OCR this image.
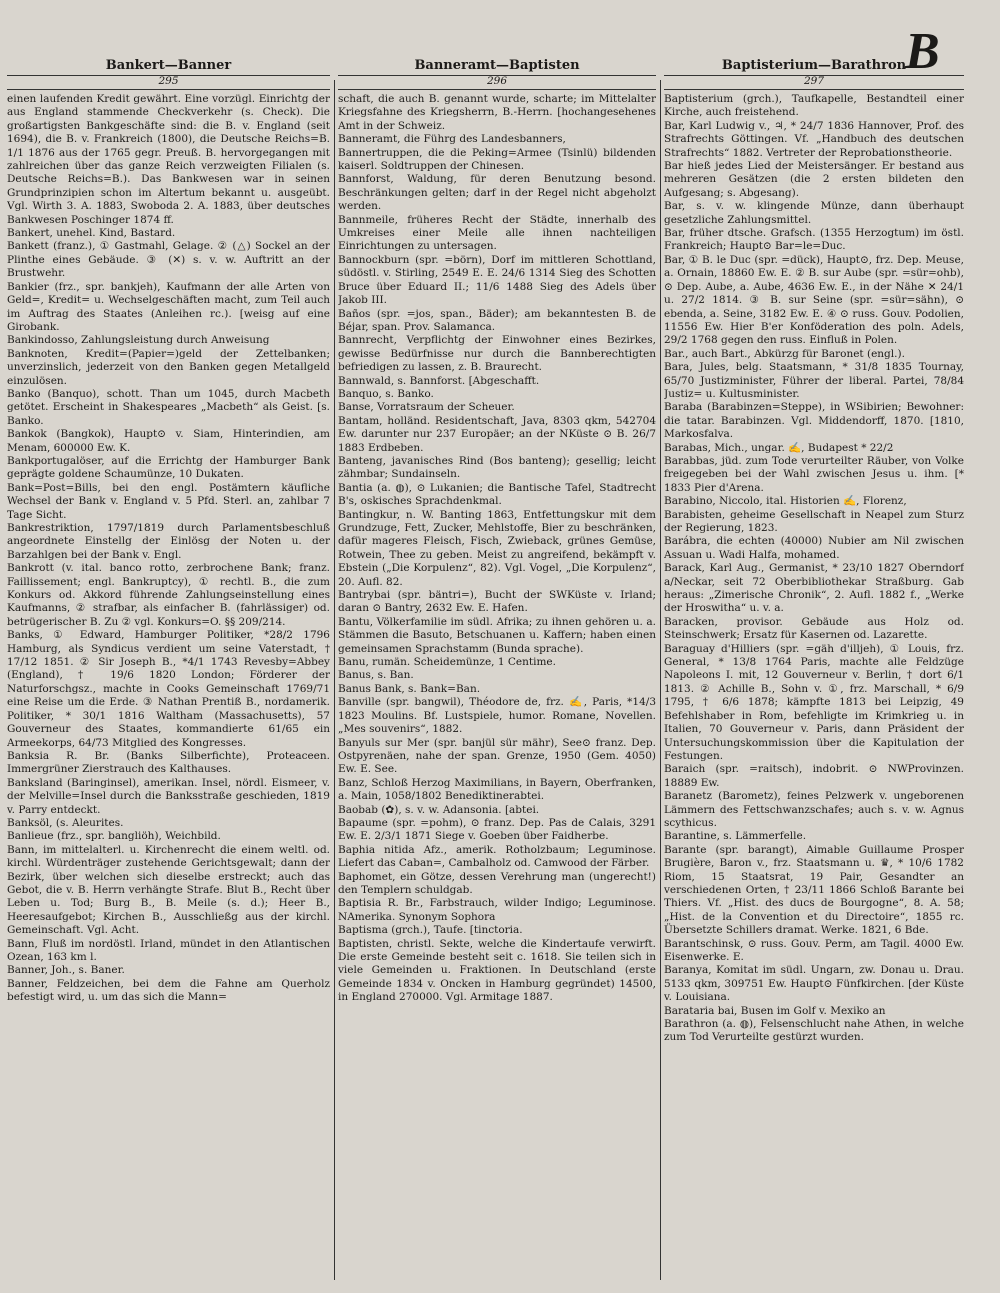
B
Bankert—Banner
295

einen laufenden Kredit gewährt. Eine vorzügl. Einrichtg der aus England stammende Checkverkehr (s. Check). Die großartigsten Bankgeschäfte sind: die B. v. England (seit 1694), die B. v. Frankreich (1800), die Deutsche Reichs=B. 1/1 1876 aus der 1765 gegr. Preuß. B. hervorgegangen mit zahlreichen über das ganze Reich verzweigten Filialen (s. Deutsche Reichs=B.). Das Bankwesen war in seinen Grundprinzipien schon im Altertum bekannt u. ausgeübt. Vgl. Wirth 3. A. 1883, Swoboda 2. A. 1883, über deutsches Bankwesen Poschinger 1874 ff.

Bankert, unehel. Kind, Bastard.

Bankett (franz.), ① Gastmahl, Gelage. ② (△) Sockel an der Plinthe eines Gebäude. ③ (✕) s. v. w. Auftritt an der Brustwehr.

Bankier (frz., spr. bankjeh), Kaufmann der alle Arten von Geld=, Kredit= u. Wechselgeschäften macht, zum Teil auch im Auftrag des Staates (Anleihen rc.). [weisg auf eine Girobank.

Bankindosso, Zahlungsleistung durch Anweisung

Banknoten, Kredit=(Papier=)geld der Zettelbanken; unverzinslich, jederzeit von den Banken gegen Metallgeld einzulösen.

Banko (Banquo), schott. Than um 1045, durch Macbeth getötet. Erscheint in Shakespeares „Macbeth“ als Geist. [s. Banko.

Bankok (Bangkok), Haupt⊙ v. Siam, Hinterindien, am Menam, 600000 Ew. K.

Bankportugalöser, auf die Errichtg der Hamburger Bank geprägte goldene Schaumünze, 10 Dukaten.

Bank=Post=Bills, bei den engl. Postämtern käufliche Wechsel der Bank v. England v. 5 Pfd. Sterl. an, zahlbar 7 Tage Sicht.

Bankrestriktion, 1797/1819 durch Parlamentsbeschluß angeordnete Einstellg der Einlösg der Noten u. der Barzahlgen bei der Bank v. Engl.

Bankrott (v. ital. banco rotto, zerbrochene Bank; franz. Faillissement; engl. Bankruptcy), ① rechtl. B., die zum Konkurs od. Akkord führende Zahlungseinstellung eines Kaufmanns, ② strafbar, als einfacher B. (fahrlässiger) od. betrügerischer B. Zu ② vgl. Konkurs=O. §§ 209/214.

Banks, ① Edward, Hamburger Politiker, *28/2 1796 Hamburg, als Syndicus verdient um seine Vaterstadt, † 17/12 1851. ② Sir Joseph B., *4/1 1743 Revesby=Abbey (England), † 19/6 1820 London; Förderer der Naturforschgsz., machte in Cooks Gemeinschaft 1769/71 eine Reise um die Erde. ③ Nathan Prentiß B., nordamerik. Politiker, * 30/1 1816 Waltham (Massachusetts), 57 Gouverneur des Staates, kommandierte 61/65 ein Armeekorps, 64/73 Mitglied des Kongresses.

Banksia R. Br. (Banks Silberfichte), Proteaceen. Immergrüner Zierstrauch des Kalthauses.

Banksland (Baringinsel), amerikan. Insel, nördl. Eismeer, v. der Melville=Insel durch die Banksstraße geschieden, 1819 v. Parry entdeckt.

Banksöl, (s. Aleurites.

Banlieue (frz., spr. bangliöh), Weichbild.

Bann, im mittelalterl. u. Kirchenrecht die einem weltl. od. kirchl. Würdenträger zustehende Gerichtsgewalt; dann der Bezirk, über welchen sich dieselbe erstreckt; auch das Gebot, die v. B. Herrn verhängte Strafe. Blut B., Recht über Leben u. Tod; Burg B., B. Meile (s. d.); Heer B., Heeresaufgebot; Kirchen B., Ausschließg aus der kirchl. Gemeinschaft. Vgl. Acht.

Bann, Fluß im nordöstl. Irland, mündet in den Atlantischen Ozean, 163 km l.

Banner, Joh., s. Baner.

Banner, Feldzeichen, bei dem die Fahne am Querholz befestigt wird, u. um das sich die Mann=

Banneramt—Baptisten
296

schaft, die auch B. genannt wurde, scharte; im Mittelalter Kriegsfahne des Kriegsherrn, B.-Herrn. [hochangesehenes Amt in der Schweiz.

Banneramt, die Führg des Landesbanners,

Bannertruppen, die die Peking=Armee (Tsinlü) bildenden kaiserl. Soldtruppen der Chinesen.

Bannforst, Waldung, für deren Benutzung besond. Beschränkungen gelten; darf in der Regel nicht abgeholzt werden.

Bannmeile, früheres Recht der Städte, innerhalb des Umkreises einer Meile alle ihnen nachteiligen Einrichtungen zu untersagen.

Bannockburn (spr. =börn), Dorf im mittleren Schottland, südöstl. v. Stirling, 2549 E. E. 24/6 1314 Sieg des Schotten Bruce über Eduard II.; 11/6 1488 Sieg des Adels über Jakob III.

Baños (spr. =jos, span., Bäder); am bekanntesten B. de Béjar, span. Prov. Salamanca.

Bannrecht, Verpflichtg der Einwohner eines Bezirkes, gewisse Bedürfnisse nur durch die Bannberechtigten befriedigen zu lassen, z. B. Braurecht.

Bannwald, s. Bannforst. [Abgeschafft.

Banquo, s. Banko.

Banse, Vorratsraum der Scheuer.

Bantam, holländ. Residentschaft, Java, 8303 qkm, 542704 Ew. darunter nur 237 Europäer; an der NKüste ⊙ B. 26/7 1883 Erdbeben.

Banteng, javanisches Rind (Bos banteng); gesellig; leicht zähmbar; Sundainseln.

Bantia (a. ◍), ⊙ Lukanien; die Bantische Tafel, Stadtrecht B's, oskisches Sprachdenkmal.

Bantingkur, n. W. Banting 1863, Entfettungskur mit dem Grundzuge, Fett, Zucker, Mehlstoffe, Bier zu beschränken, dafür mageres Fleisch, Fisch, Zwieback, grünes Gemüse, Rotwein, Thee zu geben. Meist zu angreifend, bekämpft v. Ebstein („Die Korpulenz“, 82). Vgl. Vogel, „Die Korpulenz“, 20. Aufl. 82.

Bantrybai (spr. bäntri=), Bucht der SWKüste v. Irland; daran ⊙ Bantry, 2632 Ew. E. Hafen.

Bantu, Völkerfamilie im südl. Afrika; zu ihnen gehören u. a. Stämmen die Basuto, Betschuanen u. Kaffern; haben einen gemeinsamen Sprachstamm (Bunda sprache).

Banu, rumän. Scheidemünze, 1 Centime.

Banus, s. Ban.

Banus Bank, s. Bank=Ban.

Banville (spr. bangwil), Théodore de, frz. ✍, Paris, *14/3 1823 Moulins. Bf. Lustspiele, humor. Romane, Novellen. „Mes souvenirs“, 1882.

Banyuls sur Mer (spr. banjül sür mähr), See⊙ franz. Dep. Ostpyrenäen, nahe der span. Grenze, 1950 (Gem. 4050) Ew. E. See.

Banz, Schloß Herzog Maximilians, in Bayern, Oberfranken, a. Main, 1058/1802 Benediktinerabtei.

Baobab (✿), s. v. w. Adansonia. [abtei.

Bapaume (spr. =pohm), ⊙ franz. Dep. Pas de Calais, 3291 Ew. E. 2/3/1 1871 Siege v. Goeben über Faidherbe.

Baphia nitida Afz., amerik. Rotholzbaum; Leguminose. Liefert das Caban=, Cambalholz od. Camwood der Färber.

Baphomet, ein Götze, dessen Verehrung man (ungerecht!) den Templern schuldgab.

Baptisia R. Br., Farbstrauch, wilder Indigo; Leguminose. NAmerika. Synonym Sophora

Baptisma (grch.), Taufe. [tinctoria.

Baptisten, christl. Sekte, welche die Kindertaufe verwirft. Die erste Gemeinde besteht seit c. 1618. Sie teilen sich in viele Gemeinden u. Fraktionen. In Deutschland (erste Gemeinde 1834 v. Oncken in Hamburg gegründet) 14500, in England 270000. Vgl. Armitage 1887.

Baptisterium—Barathron
297

Baptisterium (grch.), Taufkapelle, Bestandteil einer Kirche, auch freistehend.

Bar, Karl Ludwig v., ♃, * 24/7 1836 Hannover, Prof. des Strafrechts Göttingen. Vf. „Handbuch des deutschen Strafrechts“ 1882. Vertreter der Reprobationstheorie.

Bar hieß jedes Lied der Meistersänger. Er bestand aus mehreren Gesätzen (die 2 ersten bildeten den Aufgesang; s. Abgesang).

Bar, s. v. w. klingende Münze, dann überhaupt gesetzliche Zahlungsmittel.

Bar, früher dtsche. Grafsch. (1355 Herzogtum) im östl. Frankreich; Haupt⊙ Bar=le=Duc.

Bar, ① B. le Duc (spr. =dück), Haupt⊙, frz. Dep. Meuse, a. Ornain, 18860 Ew. E. ② B. sur Aube (spr. =sür=ohb), ⊙ Dep. Aube, a. Aube, 4636 Ew. E., in der Nähe ✕ 24/1 u. 27/2 1814. ③ B. sur Seine (spr. =sür=sähn), ⊙ ebenda, a. Seine, 3182 Ew. E. ④ ⊙ russ. Gouv. Podolien, 11556 Ew. Hier B'er Konföderation des poln. Adels, 29/2 1768 gegen den russ. Einfluß in Polen.

Bar., auch Bart., Abkürzg für Baronet (engl.).

Bara, Jules, belg. Staatsmann, * 31/8 1835 Tournay, 65/70 Justizminister, Führer der liberal. Partei, 78/84 Justiz= u. Kultusminister.

Baraba (Barabinzen=Steppe), in WSibirien; Bewohner: die tatar. Barabinzen. Vgl. Middendorff, 1870. [1810, Markosfalva.

Barabas, Mich., ungar. ✍, Budapest * 22/2

Barabbas, jüd. zum Tode verurteilter Räuber, von Volke freigegeben bei der Wahl zwischen Jesus u. ihm. [* 1833 Pier d'Arena.

Barabino, Niccolo, ital. Historien ✍, Florenz,

Barabisten, geheime Gesellschaft in Neapel zum Sturz der Regierung, 1823.

Barábra, die echten (40000) Nubier am Nil zwischen Assuan u. Wadi Halfa, mohamed.

Barack, Karl Aug., Germanist, * 23/10 1827 Oberndorf a/Neckar, seit 72 Oberbibliothekar Straßburg. Gab heraus: „Zimerische Chronik“, 2. Aufl. 1882 f., „Werke der Hroswitha“ u. v. a.

Baracken, provisor. Gebäude aus Holz od. Steinschwerk; Ersatz für Kasernen od. Lazarette.

Baraguay d'Hilliers (spr. =gäh d'illjeh), ① Louis, frz. General, * 13/8 1764 Paris, machte alle Feldzüge Napoleons I. mit, 12 Gouverneur v. Berlin, † dort 6/1 1813. ② Achille B., Sohn v. ①, frz. Marschall, * 6/9 1795, † 6/6 1878; kämpfte 1813 bei Leipzig, 49 Befehlshaber in Rom, befehligte im Krimkrieg u. in Italien, 70 Gouverneur v. Paris, dann Präsident der Untersuchungskommission über die Kapitulation der Festungen.

Baraich (spr. =raitsch), indobrit. ⊙ NWProvinzen. 18889 Ew.

Baranetz (Barometz), feines Pelzwerk v. ungeborenen Lämmern des Fettschwanzschafes; auch s. v. w. Agnus scythicus.

Barantine, s. Lämmerfelle.

Barante (spr. barangt), Aimable Guillaume Prosper Brugière, Baron v., frz. Staatsmann u. ♛, * 10/6 1782 Riom, 15 Staatsrat, 19 Pair, Gesandter an verschiedenen Orten, † 23/11 1866 Schloß Barante bei Thiers. Vf. „Hist. des ducs de Bourgogne“, 8. A. 58; „Hist. de la Convention et du Directoire“, 1855 rc. Übersetzte Schillers dramat. Werke. 1821, 6 Bde.

Barantschinsk, ⊙ russ. Gouv. Perm, am Tagil. 4000 Ew. Eisenwerke. E.

Baranya, Komitat im südl. Ungarn, zw. Donau u. Drau. 5133 qkm, 309751 Ew. Haupt⊙ Fünfkirchen. [der Küste v. Louisiana.

Barataria bai, Busen im Golf v. Mexiko an

Barathron (a. ◍), Felsenschlucht nahe Athen, in welche zum Tod Verurteilte gestürzt wurden.
